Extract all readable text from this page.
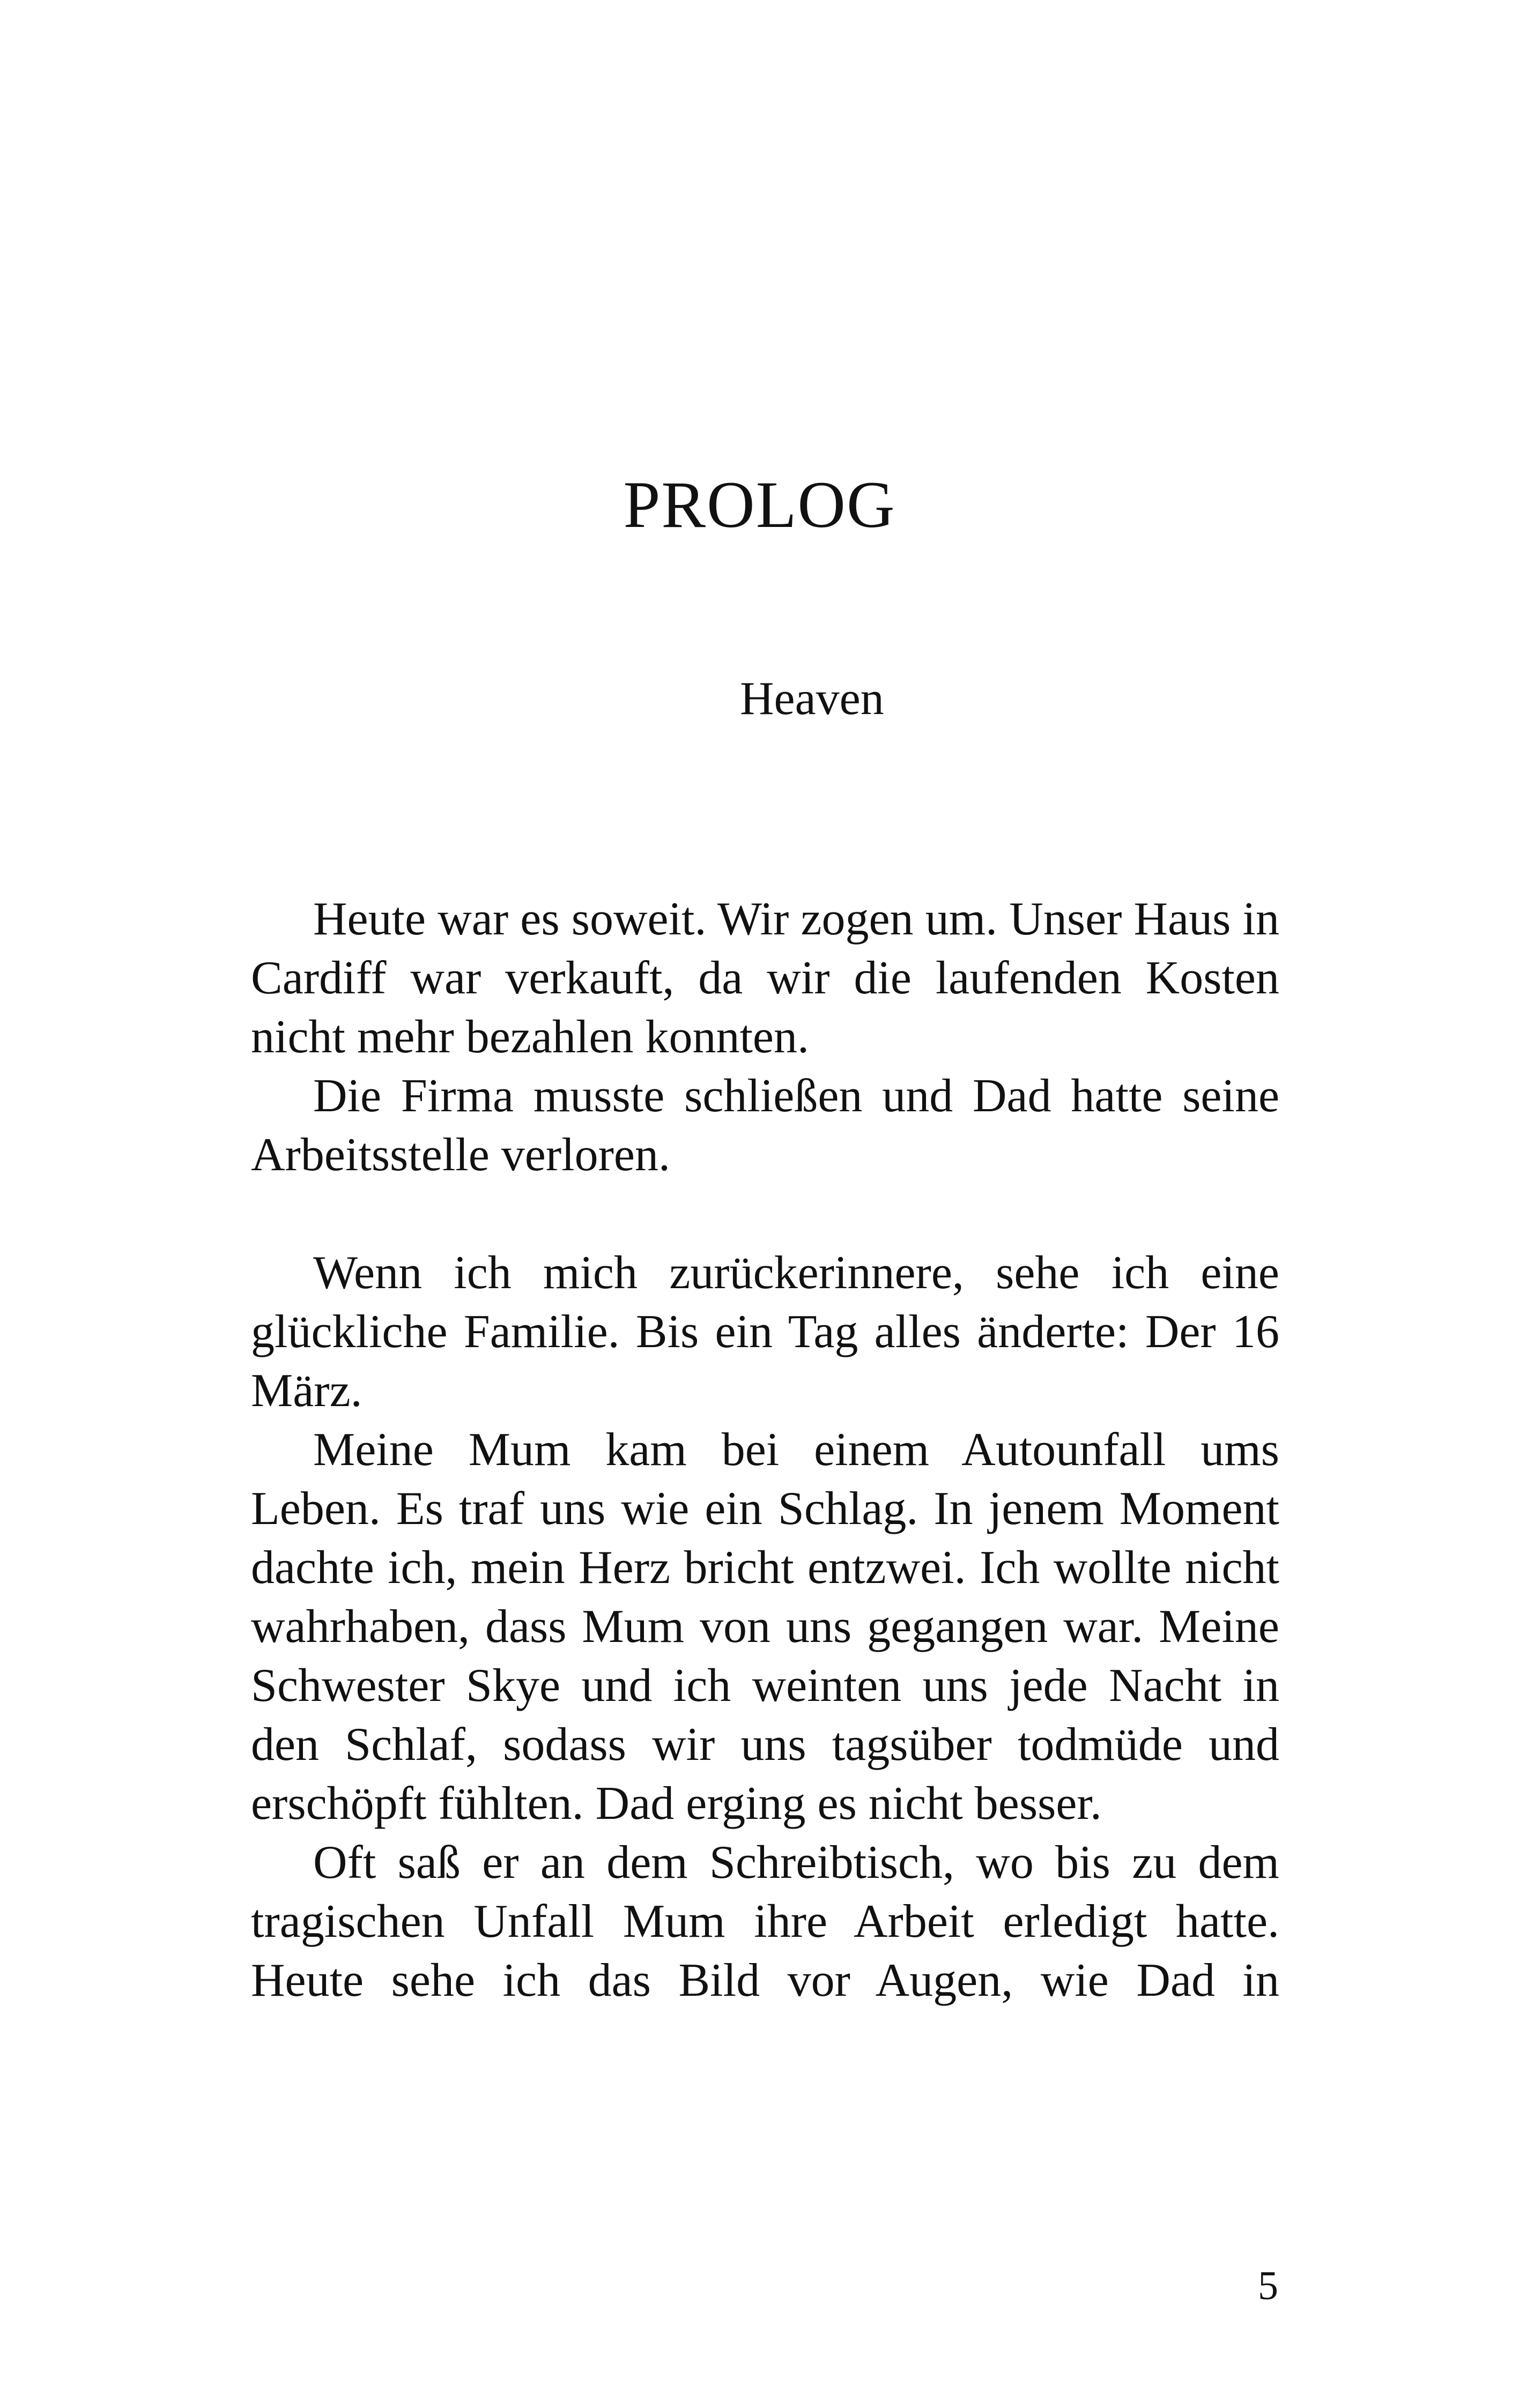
PROLOG
Heaven

Heute war es soweit. Wir zogen um. Unser Haus in Cardiff war verkauft, da wir die laufenden Kosten nicht mehr bezahlen konnten.

Die Firma musste schließen und Dad hatte seine Arbeitsstelle verloren.

Wenn ich mich zurückerinnere, sehe ich eine glückliche Familie. Bis ein Tag alles änderte: Der 16 März.

Meine Mum kam bei einem Autounfall ums Leben. Es traf uns wie ein Schlag. In jenem Moment dachte ich, mein Herz bricht entzwei. Ich wollte nicht wahrhaben, dass Mum von uns gegangen war. Meine Schwester Skye und ich weinten uns jede Nacht in den Schlaf, sodass wir uns tagsüber todmüde und erschöpft fühlten. Dad erging es nicht besser.

Oft saß er an dem Schreibtisch, wo bis zu dem tragischen Unfall Mum ihre Arbeit erledigt hatte. Heute sehe ich das Bild vor Augen, wie Dad in

5
